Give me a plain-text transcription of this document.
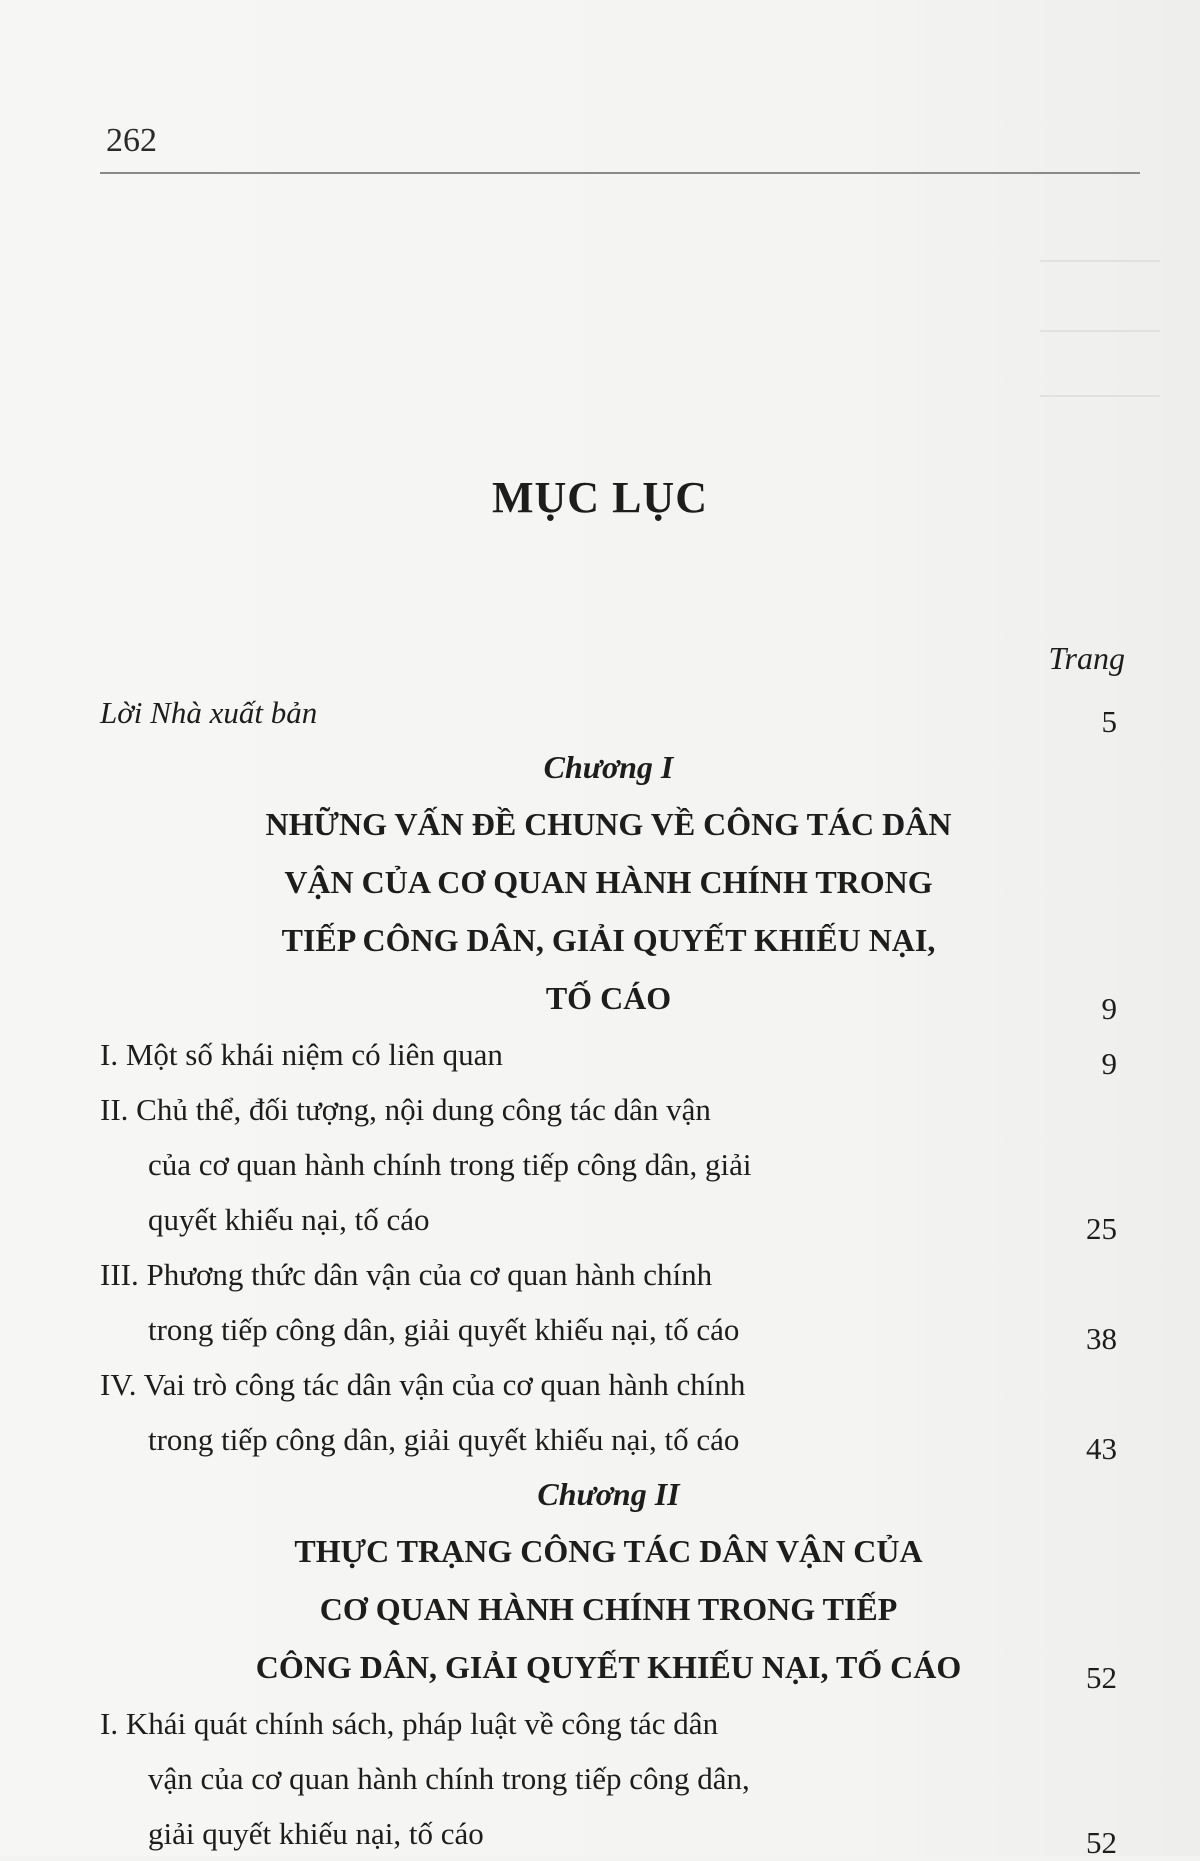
262
MỤC LỤC
Trang
Lời Nhà xuất bản	5
Chương I
NHỮNG VẤN ĐỀ CHUNG VỀ CÔNG TÁC DÂN
VẬN CỦA CƠ QUAN HÀNH CHÍNH TRONG
TIẾP CÔNG DÂN, GIẢI QUYẾT KHIẾU NẠI,
TỐ CÁO	9
I. Một số khái niệm có liên quan	9
II. Chủ thể, đối tượng, nội dung công tác dân vận
của cơ quan hành chính trong tiếp công dân, giải
quyết khiếu nại, tố cáo	25
III. Phương thức dân vận của cơ quan hành chính
trong tiếp công dân, giải quyết khiếu nại, tố cáo	38
IV. Vai trò công tác dân vận của cơ quan hành chính
trong tiếp công dân, giải quyết khiếu nại, tố cáo	43
Chương II
THỰC TRẠNG CÔNG TÁC DÂN VẬN CỦA
CƠ QUAN HÀNH CHÍNH TRONG TIẾP
CÔNG DÂN, GIẢI QUYẾT KHIẾU NẠI, TỐ CÁO	52
I. Khái quát chính sách, pháp luật về công tác dân
vận của cơ quan hành chính trong tiếp công dân,
giải quyết khiếu nại, tố cáo	52
